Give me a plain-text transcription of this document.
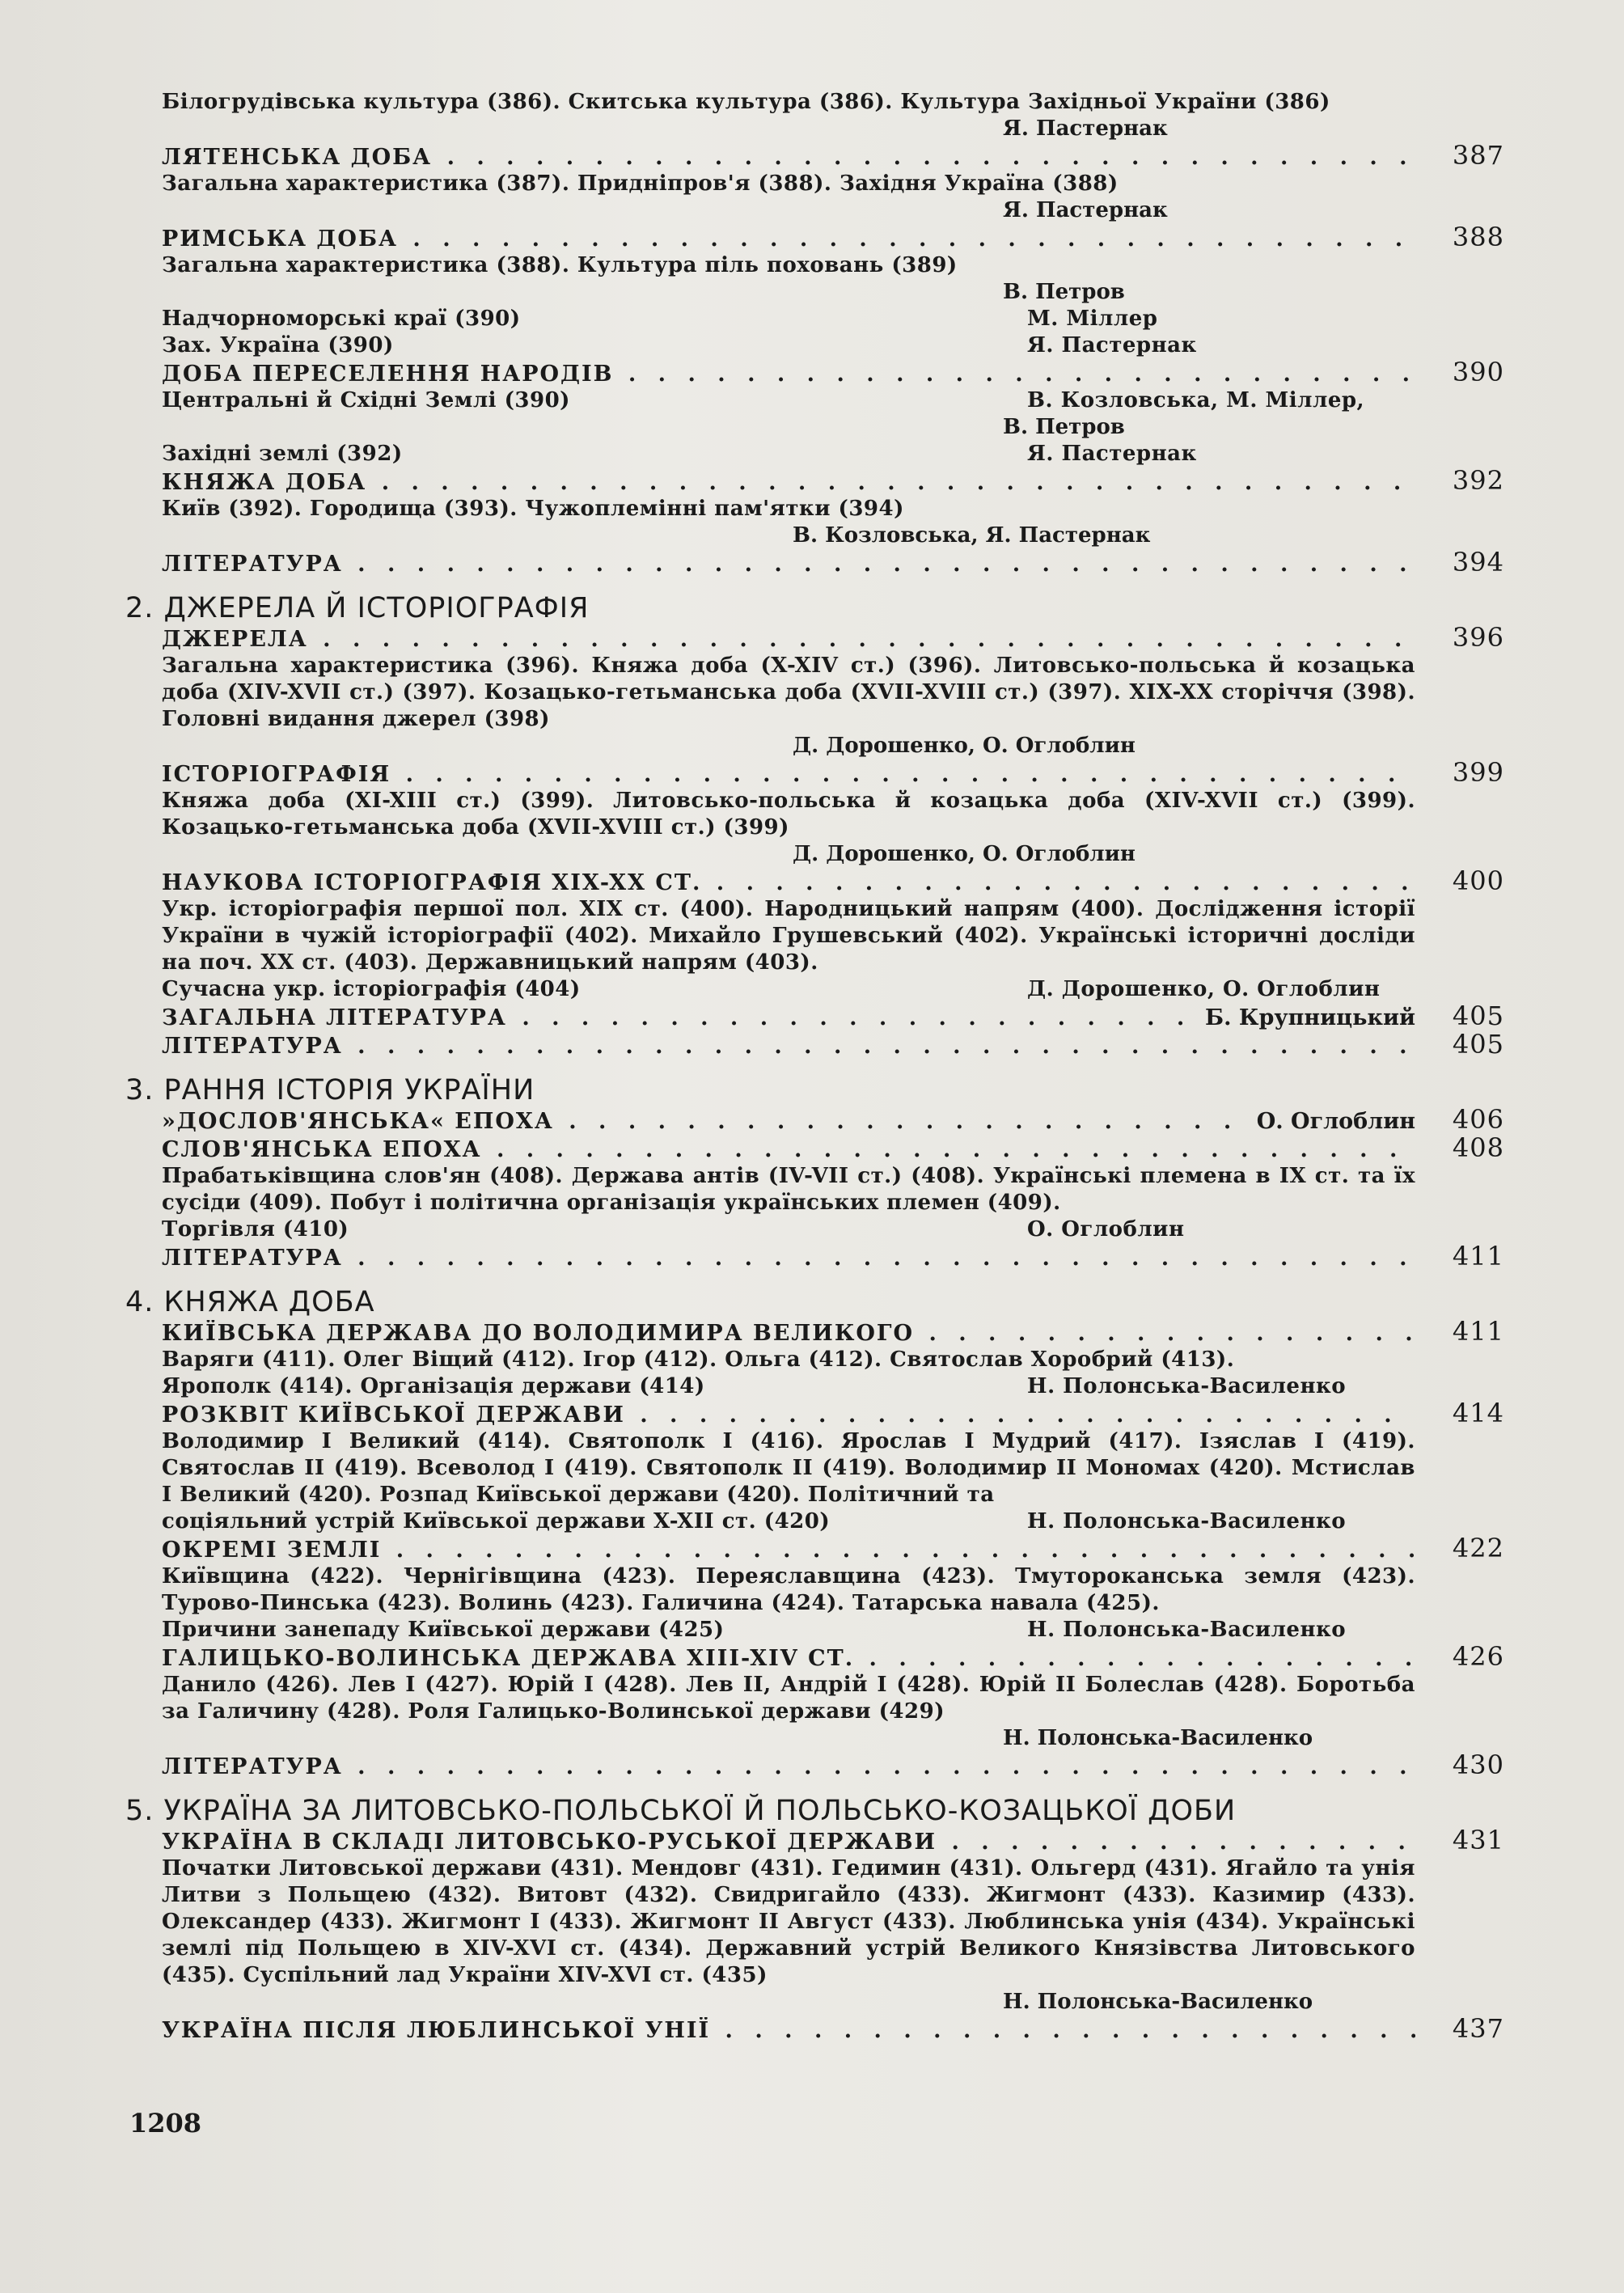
Білогрудівська культура (386). Скитська культура (386). Культура Західньої України (386)
Я. Пастернак
ЛЯТЕНСЬКА ДОБА . . .	387
Загальна характеристика (387). Придніпров'я (388). Західня Україна (388)
Я. Пастернак
РИМСЬКА ДОБА . . .	388
Загальна характеристика (388). Культура піль поховань (389)
В. Петров
Надчорноморські краї (390)	М. Міллер
Зах. Україна (390)	Я. Пастернак
ДОБА ПЕРЕСЕЛЕННЯ НАРОДІВ . . .	390
Центральні й Східні Землі (390)	В. Козловська, М. Міллер,
В. Петров
Західні землі (392)	Я. Пастернак
КНЯЖА ДОБА . . .	392
Київ (392). Городища (393). Чужоплемінні пам'ятки (394)
В. Козловська, Я. Пастернак
ЛІТЕРАТУРА . . .	394
2. ДЖЕРЕЛА Й ІСТОРІОГРАФІЯ
ДЖЕРЕЛА . . .	396
Загальна характеристика (396). Княжа доба (X-XIV ст.) (396). Литовсько-польська й козацька доба (XIV-XVII ст.) (397). Козацько-гетьманська доба (XVII-XVIII ст.) (397). XIX-XX сторіччя (398). Головні видання джерел (398)
Д. Дорошенко, О. Оглоблин
ІСТОРІОГРАФІЯ . . .	399
Княжа доба (XI-XIII ст.) (399). Литовсько-польська й козацька доба (XIV-XVII ст.) (399). Козацько-гетьманська доба (XVII-XVIII ст.) (399)
Д. Дорошенко, О. Оглоблин
НАУКОВА ІСТОРІОГРАФІЯ XIX-XX СТ. . . .	400
Укр. історіографія першої пол. XIX ст. (400). Народницький напрям (400). Дослідження історії України в чужій історіографії (402). Михайло Грушевський (402). Українські історичні досліди на поч. XX ст. (403). Державницький напрям (403).
Сучасна укр. історіографія (404)	Д. Дорошенко, О. Оглоблин
ЗАГАЛЬНА ЛІТЕРАТУРА . . .	Б. Крупницький	405
ЛІТЕРАТУРА . . .	405
3. РАННЯ ІСТОРІЯ УКРАЇНИ
»ДОСЛОВ'ЯНСЬКА« ЕПОХА . . .	О. Оглоблин	406
СЛОВ'ЯНСЬКА ЕПОХА . . .	408
Прабатьківщина слов'ян (408). Держава антів (IV-VII ст.) (408). Українські племена в IX ст. та їх сусіди (409). Побут і політична організація українських племен (409).
Торгівля (410)	О. Оглоблин
ЛІТЕРАТУРА . . .	411
4. КНЯЖА ДОБА
КИЇВСЬКА ДЕРЖАВА ДО ВОЛОДИМИРА ВЕЛИКОГО . . .	411
Варяги (411). Олег Віщий (412). Ігор (412). Ольга (412). Святослав Хоробрий (413).
Ярополк (414). Організація держави (414)	Н. Полонська-Василенко
РОЗКВІТ КИЇВСЬКОЇ ДЕРЖАВИ . . .	414
Володимир I Великий (414). Святополк I (416). Ярослав I Мудрий (417). Ізяслав I (419). Святослав II (419). Всеволод I (419). Святополк II (419). Володимир II Мономах (420). Мстислав I Великий (420). Розпад Київської держави (420). Політичний та
соціяльний устрій Київської держави X-XII ст. (420)	Н. Полонська-Василенко
ОКРЕМІ ЗЕМЛІ . . .	422
Київщина (422). Чернігівщина (423). Переяславщина (423). Тмутороканська земля (423). Турово-Пинська (423). Волинь (423). Галичина (424). Татарська навала (425).
Причини занепаду Київської держави (425)	Н. Полонська-Василенко
ГАЛИЦЬКО-ВОЛИНСЬКА ДЕРЖАВА XIII-XIV СТ. . . .	426
Данило (426). Лев I (427). Юрій I (428). Лев II, Андрій I (428). Юрій II Болеслав (428). Боротьба за Галичину (428). Роля Галицько-Волинської держави (429)
Н. Полонська-Василенко
ЛІТЕРАТУРА . . .	430
5. УКРАЇНА ЗА ЛИТОВСЬКО-ПОЛЬСЬКОЇ Й ПОЛЬСЬКО-КОЗАЦЬКОЇ ДОБИ
УКРАЇНА В СКЛАДІ ЛИТОВСЬКО-РУСЬКОЇ ДЕРЖАВИ . . .	431
Початки Литовської держави (431). Мендовг (431). Гедимин (431). Ольгерд (431). Ягайло та унія Литви з Польщею (432). Витовт (432). Свидригайло (433). Жигмонт (433). Казимир (433). Олександер (433). Жигмонт I (433). Жигмонт II Август (433). Люблинська унія (434). Українські землі під Польщею в XIV-XVI ст. (434). Державний устрій Великого Князівства Литовського (435). Суспільний лад України XIV-XVI ст. (435)
Н. Полонська-Василенко
УКРАЇНА ПІСЛЯ ЛЮБЛИНСЬКОЇ УНІЇ . . .	437
1208
